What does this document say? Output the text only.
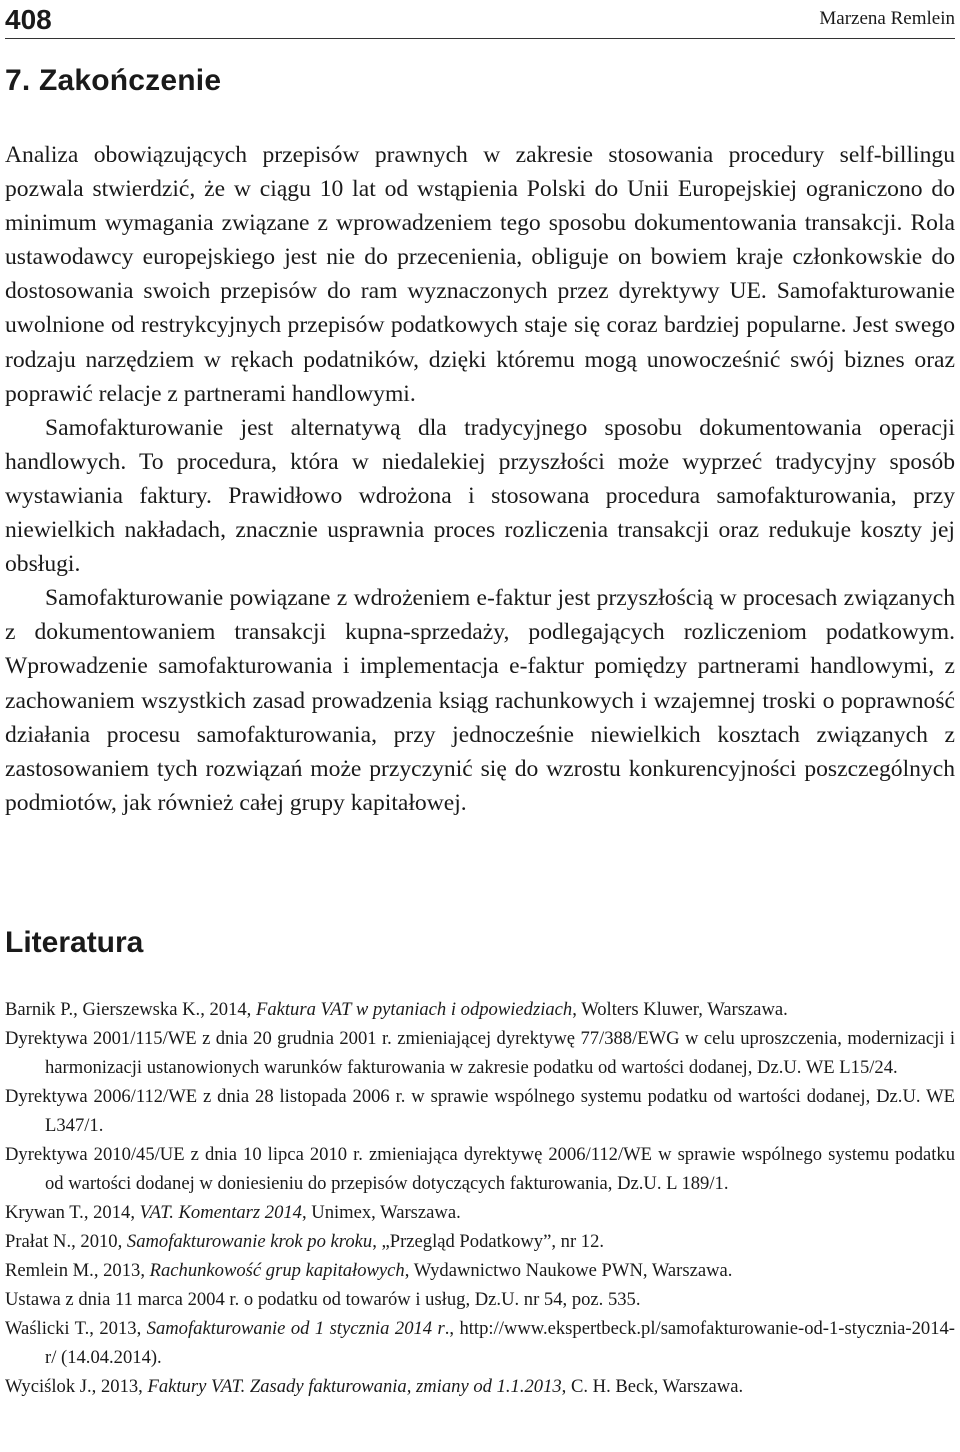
408	Marzena Remlein
7. Zakończenie

Analiza obowiązujących przepisów prawnych w zakresie stosowania procedury self-billingu pozwala stwierdzić, że w ciągu 10 lat od wstąpienia Polski do Unii Europejskiej ograniczono do minimum wymagania związane z wprowadzeniem tego sposobu dokumentowania transakcji. Rola ustawodawcy europejskiego jest nie do przecenienia, obliguje on bowiem kraje członkowskie do dostosowania swoich przepisów do ram wyznaczonych przez dyrektywy UE. Samofakturowanie uwolnione od restrykcyjnych przepisów podatkowych staje się coraz bardziej popularne. Jest swego rodzaju narzędziem w rękach podatników, dzięki któremu mogą unowocześnić swój biznes oraz poprawić relacje z partnerami handlowymi.

Samofakturowanie jest alternatywą dla tradycyjnego sposobu dokumentowania operacji handlowych. To procedura, która w niedalekiej przyszłości może wyprzeć tradycyjny sposób wystawiania faktury. Prawidłowo wdrożona i stosowana procedura samofakturowania, przy niewielkich nakładach, znacznie usprawnia proces rozliczenia transakcji oraz redukuje koszty jej obsługi.

Samofakturowanie powiązane z wdrożeniem e-faktur jest przyszłością w procesach związanych z dokumentowaniem transakcji kupna-sprzedaży, podlegających rozliczeniom podatkowym. Wprowadzenie samofakturowania i implementacja e-faktur pomiędzy partnerami handlowymi, z zachowaniem wszystkich zasad prowadzenia ksiąg rachunkowych i wzajemnej troski o poprawność działania procesu samofakturowania, przy jednocześnie niewielkich kosztach związanych z zastosowaniem tych rozwiązań może przyczynić się do wzrostu konkurencyjności poszczególnych podmiotów, jak również całej grupy kapitałowej.

Literatura
Barnik P., Gierszewska K., 2014, Faktura VAT w pytaniach i odpowiedziach, Wolters Kluwer, Warszawa.
Dyrektywa 2001/115/WE z dnia 20 grudnia 2001 r. zmieniającej dyrektywę 77/388/EWG w celu uproszczenia, modernizacji i harmonizacji ustanowionych warunków fakturowania w zakresie podatku od wartości dodanej, Dz.U. WE L15/24.
Dyrektywa 2006/112/WE z dnia 28 listopada 2006 r. w sprawie wspólnego systemu podatku od wartości dodanej, Dz.U. WE L347/1.
Dyrektywa 2010/45/UE z dnia 10 lipca 2010 r. zmieniająca dyrektywę 2006/112/WE w sprawie wspólnego systemu podatku od wartości dodanej w doniesieniu do przepisów dotyczących fakturowania, Dz.U. L 189/1.
Krywan T., 2014, VAT. Komentarz 2014, Unimex, Warszawa.
Prałat N., 2010, Samofakturowanie krok po kroku, „Przegląd Podatkowy”, nr 12.
Remlein M., 2013, Rachunkowość grup kapitałowych, Wydawnictwo Naukowe PWN, Warszawa.
Ustawa z dnia 11 marca 2004 r. o podatku od towarów i usług, Dz.U. nr 54, poz. 535.
Waślicki T., 2013, Samofakturowanie od 1 stycznia 2014 r., http://www.ekspertbeck.pl/samofakturowanie-od-1-stycznia-2014-r/ (14.04.2014).
Wyciślok J., 2013, Faktury VAT. Zasady fakturowania, zmiany od 1.1.2013, C. H. Beck, Warszawa.
